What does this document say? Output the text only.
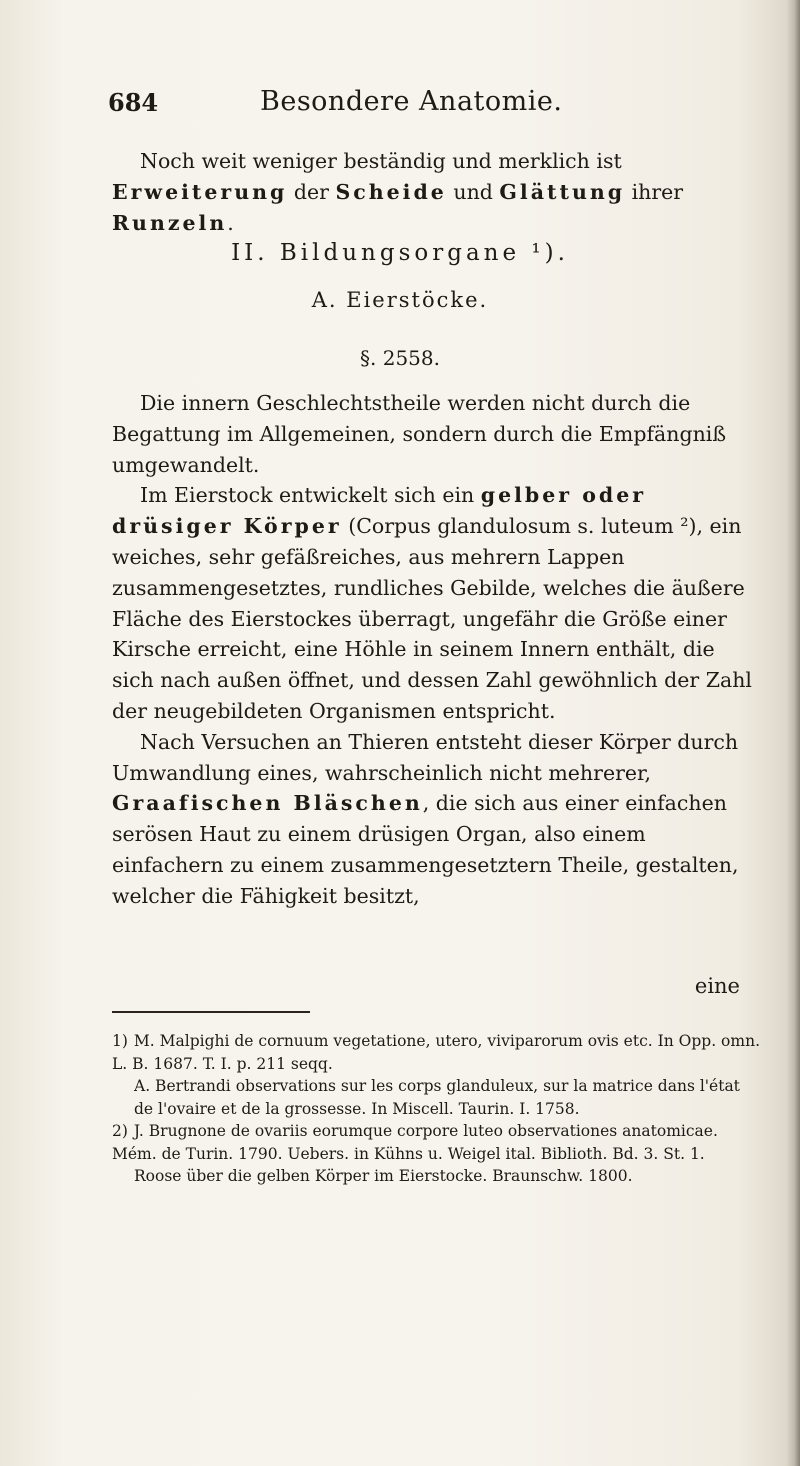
684	Besondere Anatomie.

Noch weit weniger beständig und merklich ist Erweiterung der Scheide und Glättung ihrer Runzeln.

II. Bildungsorgane ¹).
A. Eierstöcke.
§. 2558.

Die innern Geschlechtstheile werden nicht durch die Begattung im Allgemeinen, sondern durch die Empfängniß umgewandelt.

Im Eierstock entwickelt sich ein gelber oder drüsiger Körper (Corpus glandulosum s. luteum ²), ein weiches, sehr gefäßreiches, aus mehrern Lappen zusammengesetztes, rundliches Gebilde, welches die äußere Fläche des Eierstockes überragt, ungefähr die Größe einer Kirsche erreicht, eine Höhle in seinem Innern enthält, die sich nach außen öffnet, und dessen Zahl gewöhnlich der Zahl der neugebildeten Organismen entspricht.

Nach Versuchen an Thieren entsteht dieser Körper durch Umwandlung eines, wahrscheinlich nicht mehrerer, Graafischen Bläschen, die sich aus einer einfachen serösen Haut zu einem drüsigen Organ, also einem einfachern zu einem zusammengesetztern Theile, gestalten, welcher die Fähigkeit besitzt,

eine

1) M. Malpighi de cornuum vegetatione, utero, viviparorum ovis etc. In Opp. omn. L. B. 1687. T. I. p. 211 seqq.

A. Bertrandi observations sur les corps glanduleux, sur la matrice dans l'état de l'ovaire et de la grossesse. In Miscell. Taurin. I. 1758.

2) J. Brugnone de ovariis eorumque corpore luteo observationes anatomicae. Mém. de Turin. 1790. Uebers. in Kühns u. Weigel ital. Biblioth. Bd. 3. St. 1.

Roose über die gelben Körper im Eierstocke. Braunschw. 1800.
